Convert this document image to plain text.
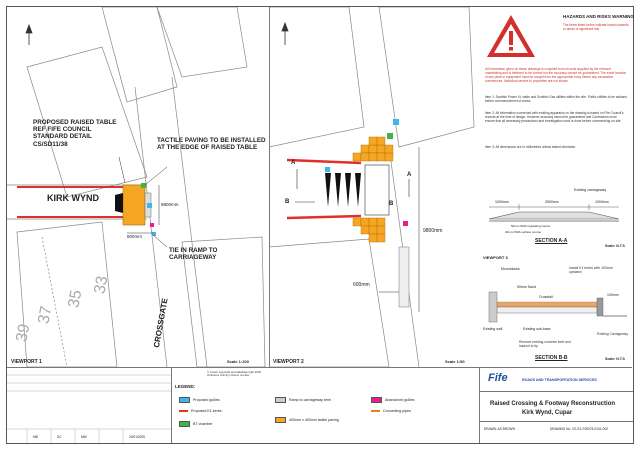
PROPOSED RAISED TABLE REF FIFE COUNCIL STANDARD DETAIL CS/SD11/38
TACTILE PAVING TO BE INSTALLED AT THE EDGE OF RAISED TABLE
TIE IN RAMP TO CARRIAGEWAY
KIRK WYND
9800mm
800mm
CROSSGATE
33
35
37
39
VIEWPORT 1	Scale 1:100
A
A
B	B
9800mm
600mm
VIEWPORT 2	Scale 1:50
HAZARDS AND RISKS WARNING
The items listed below indicate known hazards or areas of significant risk.
All information given on these drawings is compiled from records supplied by the relevant undertaking and is believed to be correct but the accuracy cannot be guaranteed. The exact location of any plant or equipment must be sought from the appropriate body before any excavation commences. Individual service to properties are not shown.
Item 1: Scottish Power LV cable and Scottish Gas utilities within the site. Public utilities to be advised before commencement of works.
Item 2: All information connected with existing apparatus on the drawing is based on Fife Council's records at the time of design. However accuracy cannot be guaranteed and Contractors must ensure that all necessary precautions and investigation work is done before commencing on site.
Item 3: All dimensions are in millimetres unless stated otherwise.
Existing carriageway
1000mm	2500mm	1000mm
50mm SMA regulating course
40mm SMA surface course
SECTION A-A
Scale: N.T.S
VIEWPORT 3
Monoblocks	Install K1 kerbs with 100mm upstand
50mm Sand
Crossfall
Existing wall	Existing sub-base
Remove existing concrete kerb and haunch to tip
Existing Carriageway
100mm
SECTION B-B	Scale: N.T.S
MB	DC	MW	20/01/2025
© Crown copyright and database right 2025 Ordnance Survey Licence number
LEGEND:
Proposed gullies
Proposed K1 kerbs
BT chamber
Ramp to carriageway term
400mm x 400mm tactile paving
Abandoned gullies
Connecting pipes
Fife	ROADS AND TRANSPORTATION SERVICES
Raised Crossing & Footway Reconstruction
Kirk Wynd, Cupar
DRAWN: AS BROWN	DRAWING No: CE-E1-P20076-0101-002
